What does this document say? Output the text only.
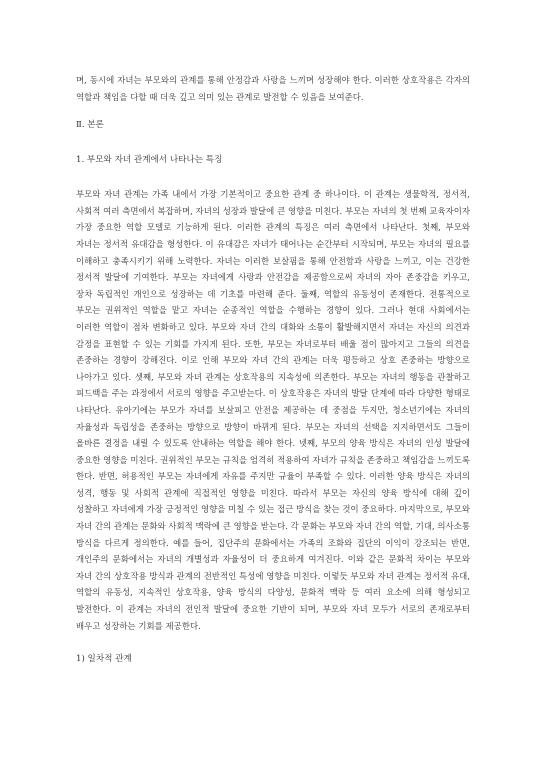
며, 동시에 자녀는 부모와의 관계를 통해 안정감과 사랑을 느끼며 성장해야 한다. 이러한 상호작용은 각자의 역할과 책임을 다할 때 더욱 깊고 의미 있는 관계로 발전할 수 있음을 보여준다.

Ⅱ. 본론

1. 부모와 자녀 관계에서 나타나는 특징

부모와 자녀 관계는 가족 내에서 가장 기본적이고 중요한 관계 중 하나이다. 이 관계는 생물학적, 정서적, 사회적 여러 측면에서 복잡하며, 자녀의 성장과 발달에 큰 영향을 미친다. 부모는 자녀의 첫 번째 교육자이자 가장 중요한 역할 모델로 기능하게 된다. 이러한 관계의 특징은 여러 측면에서 나타난다. 첫째, 부모와 자녀는 정서적 유대감을 형성한다. 이 유대감은 자녀가 태어나는 순간부터 시작되며, 부모는 자녀의 필요를 이해하고 충족시키기 위해 노력한다. 자녀는 이러한 보살핌을 통해 안전함과 사랑을 느끼고, 이는 건강한 정서적 발달에 기여한다. 부모는 자녀에게 사랑과 안전감을 제공함으로써 자녀의 자아 존중감을 키우고, 장차 독립적인 개인으로 성장하는 데 기초를 마련해 준다. 둘째, 역할의 유동성이 존재한다. 전통적으로 부모는 권위적인 역할을 맡고 자녀는 순종적인 역할을 수행하는 경향이 있다. 그러나 현대 사회에서는 이러한 역할이 점차 변화하고 있다. 부모와 자녀 간의 대화와 소통이 활발해지면서 자녀는 자신의 의견과 감정을 표현할 수 있는 기회를 가지게 된다. 또한, 부모는 자녀로부터 배울 점이 많아지고 그들의 의견을 존중하는 경향이 강해진다. 이로 인해 부모와 자녀 간의 관계는 더욱 평등하고 상호 존중하는 방향으로 나아가고 있다. 셋째, 부모와 자녀 관계는 상호작용의 지속성에 의존한다. 부모는 자녀의 행동을 관찰하고 피드백을 주는 과정에서 서로의 영향을 주고받는다. 이 상호작용은 자녀의 발달 단계에 따라 다양한 형태로 나타난다. 유아기에는 부모가 자녀를 보살피고 안전을 제공하는 데 중점을 두지만, 청소년기에는 자녀의 자율성과 독립성을 존중하는 방향으로 방향이 바뀌게 된다. 부모는 자녀의 선택을 지지하면서도 그들이 올바른 결정을 내릴 수 있도록 안내하는 역할을 해야 한다. 넷째, 부모의 양육 방식은 자녀의 인성 발달에 중요한 영향을 미친다. 권위적인 부모는 규칙을 엄격히 적용하여 자녀가 규칙을 존중하고 책임감을 느끼도록 한다. 반면, 허용적인 부모는 자녀에게 자유를 주지만 규율이 부족할 수 있다. 이러한 양육 방식은 자녀의 성격, 행동 및 사회적 관계에 직접적인 영향을 미친다. 따라서 부모는 자신의 양육 방식에 대해 깊이 성찰하고 자녀에게 가장 긍정적인 영향을 미칠 수 있는 접근 방식을 찾는 것이 중요하다. 마지막으로, 부모와 자녀 간의 관계는 문화와 사회적 맥락에 큰 영향을 받는다. 각 문화는 부모와 자녀 간의 역할, 기대, 의사소통 방식을 다르게 정의한다. 예를 들어, 집단주의 문화에서는 가족의 조화와 집단의 이익이 강조되는 반면, 개인주의 문화에서는 자녀의 개별성과 자율성이 더 중요하게 여겨진다. 이와 같은 문화적 차이는 부모와 자녀 간의 상호작용 방식과 관계의 전반적인 특성에 영향을 미친다. 이렇듯 부모와 자녀 관계는 정서적 유대, 역할의 유동성, 지속적인 상호작용, 양육 방식의 다양성, 문화적 맥락 등 여러 요소에 의해 형성되고 발전한다. 이 관계는 자녀의 전인적 발달에 중요한 기반이 되며, 부모와 자녀 모두가 서로의 존재로부터 배우고 성장하는 기회를 제공한다.

1) 일차적 관계
